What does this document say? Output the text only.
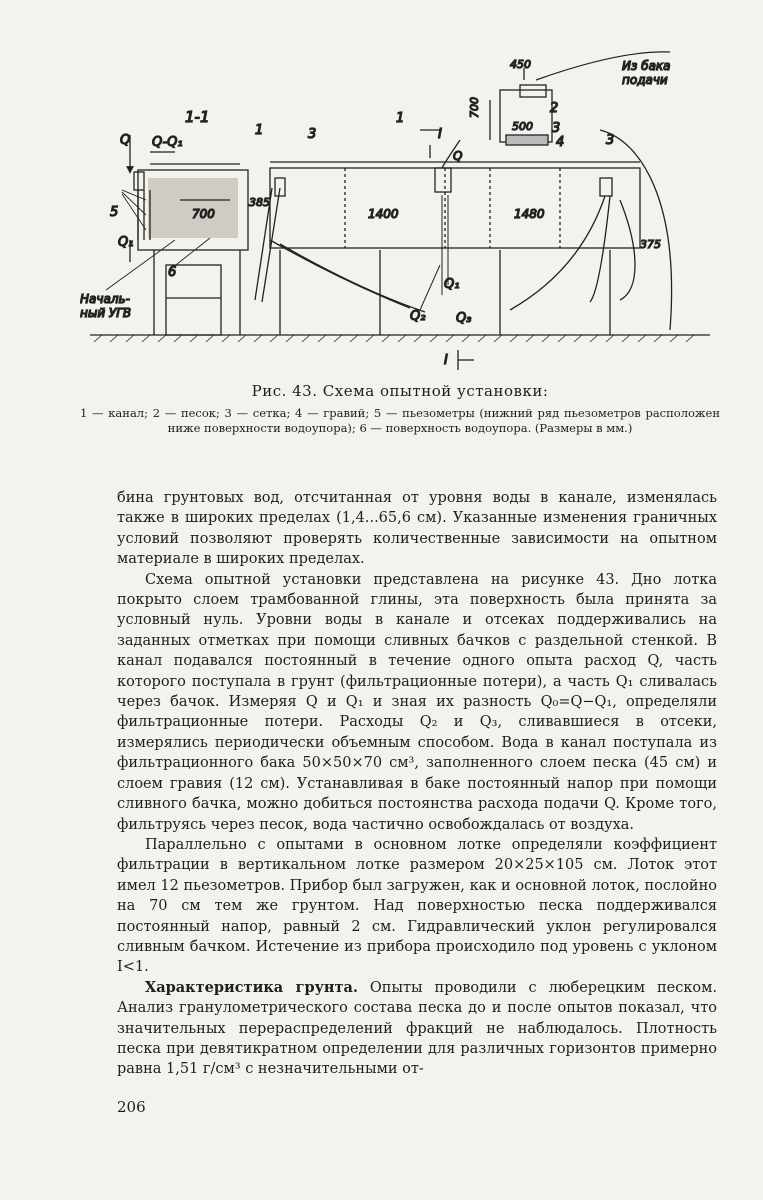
1-1
1
1
2
3	3
3
4
5
6
Q Q-Q₁
Q₁
Q₁
Q₂ Q₃
Q
I
I
Началь-ный УГВ
Из бака подачи
700
385
1400	1480
375
450
500
700

Рис. 43. Схема опытной установки:

1 — канал; 2 — песок; 3 — сетка; 4 — гравий; 5 — пьезометры (нижний ряд пьезометров расположен ниже поверхности водоупора); 6 — поверхность водоупора. (Размеры в мм.)

бина грунтовых вод, отсчитанная от уровня воды в канале, изменялась также в широких пределах (1,4...65,6 см). Указанные изменения граничных условий позволяют проверять количественные зависимости на опытном материале в широких пределах.

Схема опытной установки представлена на рисунке 43. Дно лотка покрыто слоем трамбованной глины, эта поверхность была принята за условный нуль. Уровни воды в канале и отсеках поддерживались на заданных отметках при помощи сливных бачков с раздельной стенкой. В канал подавался постоянный в течение одного опыта расход Q, часть которого поступала в грунт (фильтрационные потери), а часть Q₁ сливалась через бачок. Измеряя Q и Q₁ и зная их разность Q₀=Q−Q₁, определяли фильтрационные потери. Расходы Q₂ и Q₃, сливавшиеся в отсеки, измерялись периодически объемным способом. Вода в канал поступала из фильтрационного бака 50×50×70 см³, заполненного слоем песка (45 см) и слоем гравия (12 см). Устанавливая в баке постоянный напор при помощи сливного бачка, можно добиться постоянства расхода подачи Q. Кроме того, фильтруясь через песок, вода частично освобождалась от воздуха.

Параллельно с опытами в основном лотке определяли коэффициент фильтрации в вертикальном лотке размером 20×25×105 см. Лоток этот имел 12 пьезометров. Прибор был загружен, как и основной лоток, послойно на 70 см тем же грунтом. Над поверхностью песка поддерживался постоянный напор, равный 2 см. Гидравлический уклон регулировался сливным бачком. Истечение из прибора происходило под уровень с уклоном I<1.

Характеристика грунта. Опыты проводили с люберецким песком. Анализ гранулометрического состава песка до и после опытов показал, что значительных перераспределений фракций не наблюдалось. Плотность песка при девятикратном определении для различных горизонтов примерно равна 1,51 г/см³ с незначительными от-

206
